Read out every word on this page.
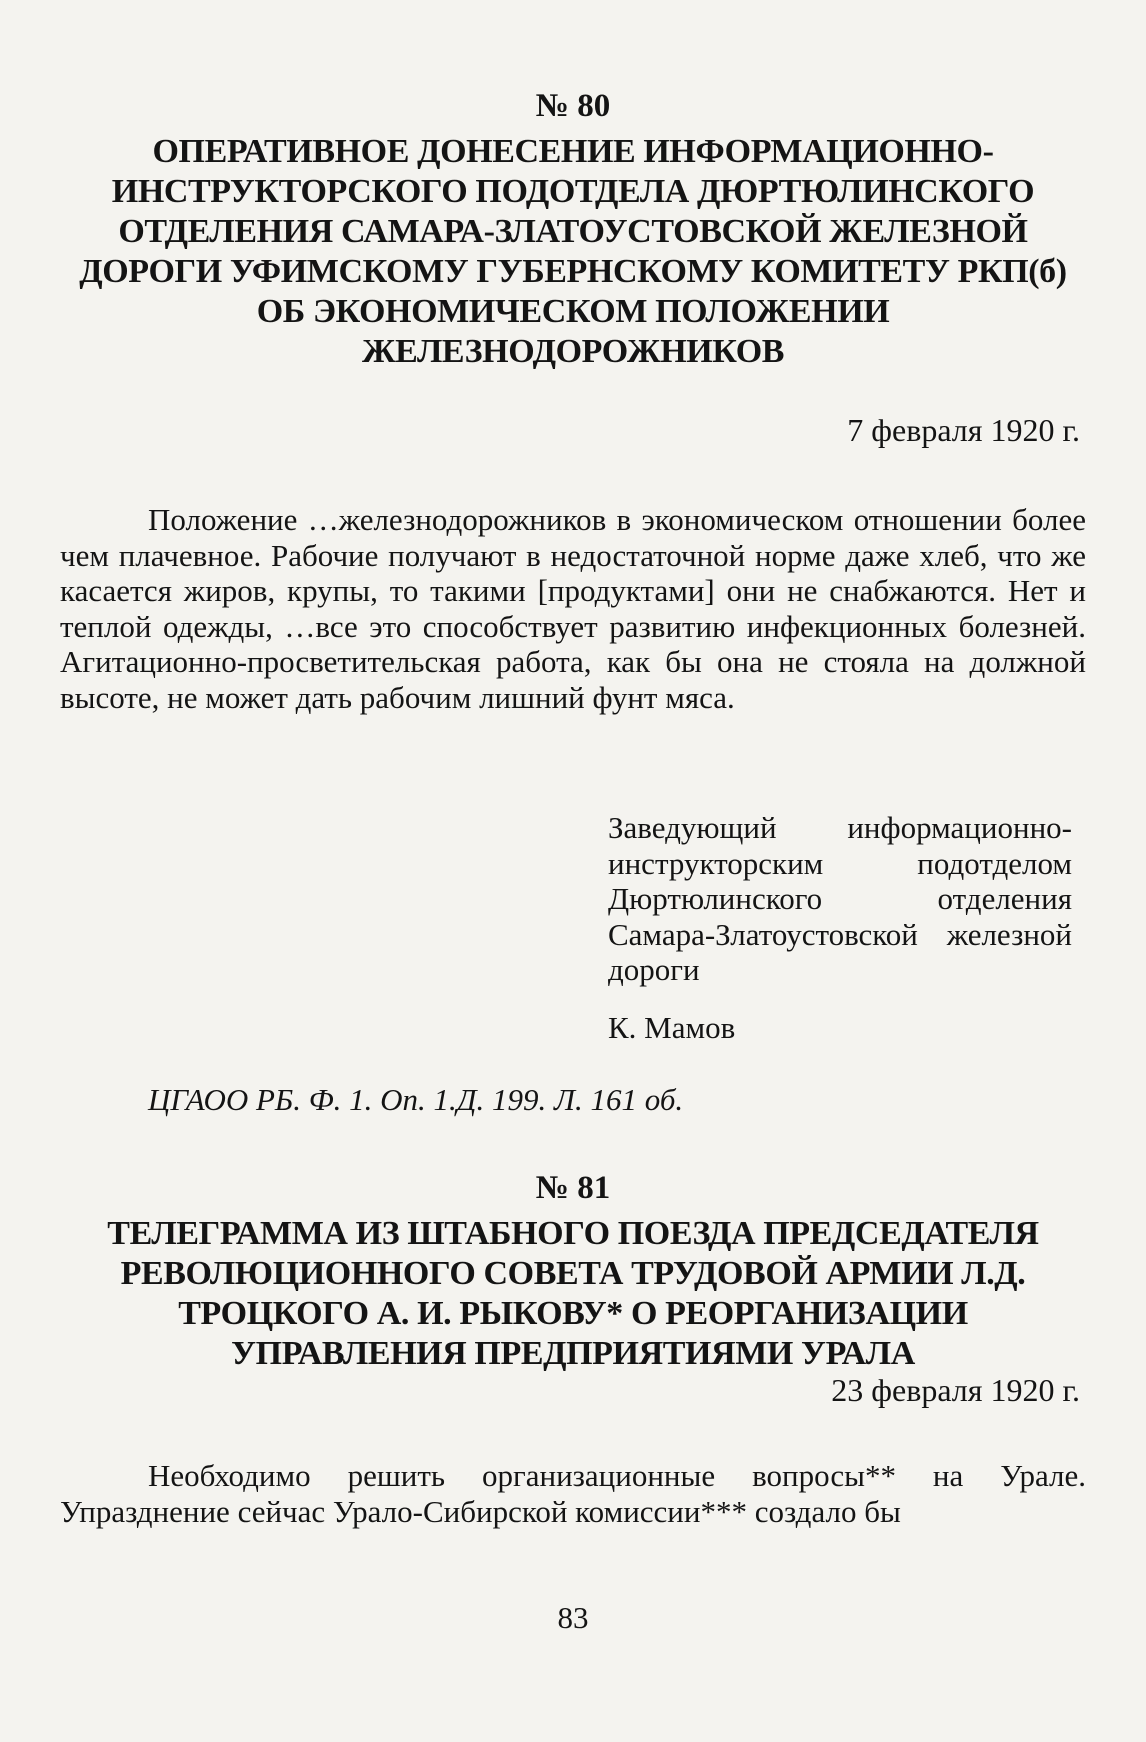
№ 80
ОПЕРАТИВНОЕ ДОНЕСЕНИЕ ИНФОРМАЦИОННО- ИНСТРУКТОРСКОГО ПОДОТДЕЛА ДЮРТЮЛИНСКОГО ОТДЕЛЕНИЯ САМАРА-ЗЛАТОУСТОВСКОЙ ЖЕЛЕЗНОЙ ДОРОГИ УФИМСКОМУ ГУБЕРНСКОМУ КОМИТЕТУ РКП(б) ОБ ЭКОНОМИЧЕСКОМ ПОЛОЖЕНИИ ЖЕЛЕЗНОДОРОЖНИКОВ
7 февраля 1920 г.

Положение …железнодорожников в экономическом отношении более чем плачевное. Рабочие получают в недостаточной норме даже хлеб, что же касается жиров, крупы, то такими [продуктами] они не снабжаются. Нет и теплой одежды, …все это способствует развитию инфекционных болезней. Агитационно-просветительская работа, как бы она не стояла на должной высоте, не может дать рабочим лишний фунт мяса.

Заведующий информационно-инструкторским подотделом Дюртюлинского отделения Самара-Златоустовской железной дороги

К. Мамов
ЦГАОО РБ. Ф. 1. Оп. 1.Д. 199. Л. 161 об.
№ 81
ТЕЛЕГРАММА ИЗ ШТАБНОГО ПОЕЗДА ПРЕДСЕДАТЕЛЯ РЕВОЛЮЦИОННОГО СОВЕТА ТРУДОВОЙ АРМИИ Л.Д. ТРОЦКОГО А. И. РЫКОВУ* О РЕОРГАНИЗАЦИИ УПРАВЛЕНИЯ ПРЕДПРИЯТИЯМИ УРАЛА
23 февраля 1920 г.

Необходимо решить организационные вопросы** на Урале. Упразднение сейчас Урало-Сибирской комиссии*** создало бы

83
